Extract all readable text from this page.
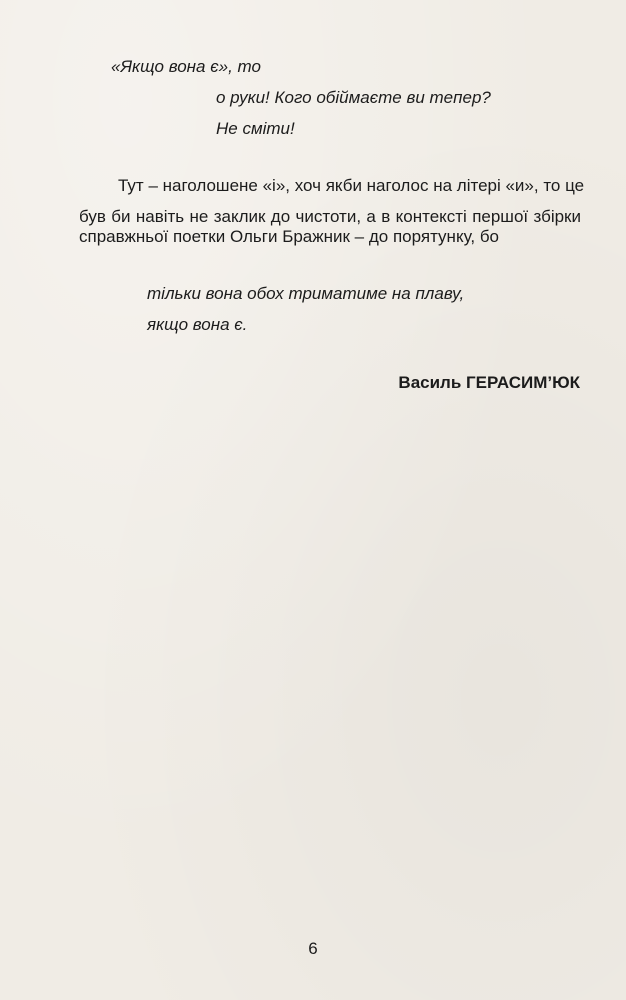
«Якщо вона є», то
о руки! Кого обіймаєте ви тепер?
Не сміти!
Тут – наголошене «і», хоч якби наголос на літері «и», то це
був би навіть не заклик до чистоти, а в контексті першої збірки
справжньої поетки Ольги Бражник – до порятунку, бо
тільки вона обох триматиме на плаву,
якщо вона є.
Василь ГЕРАСИМ’ЮК
6
